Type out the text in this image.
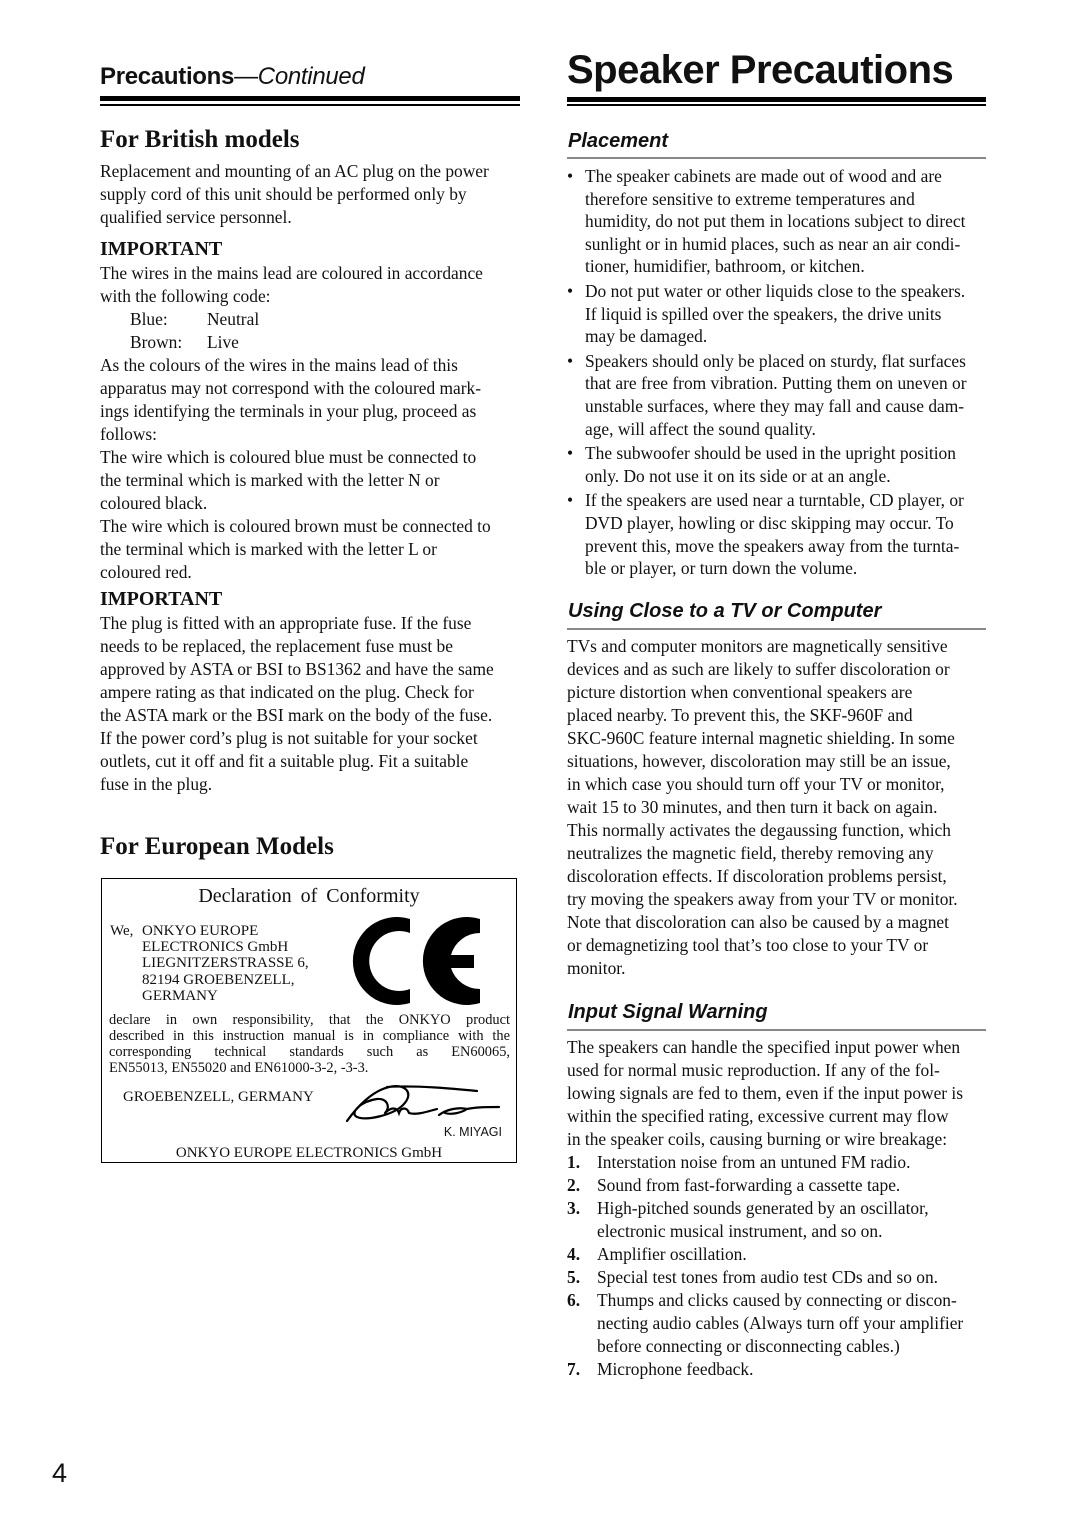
Precautions—Continued	Speaker Precautions
For British models
Replacement and mounting of an AC plug on the power
supply cord of this unit should be performed only by
qualified service personnel.
IMPORTANT
The wires in the mains lead are coloured in accordance
with the following code:
Blue:	Neutral
Brown:	Live
As the colours of the wires in the mains lead of this
apparatus may not correspond with the coloured mark-
ings identifying the terminals in your plug, proceed as
follows:
The wire which is coloured blue must be connected to
the terminal which is marked with the letter N or
coloured black.
The wire which is coloured brown must be connected to
the terminal which is marked with the letter L or
coloured red.
IMPORTANT
The plug is fitted with an appropriate fuse. If the fuse
needs to be replaced, the replacement fuse must be
approved by ASTA or BSI to BS1362 and have the same
ampere rating as that indicated on the plug. Check for
the ASTA mark or the BSI mark on the body of the fuse.
If the power cord’s plug is not suitable for your socket
outlets, cut it off and fit a suitable plug. Fit a suitable
fuse in the plug.
For European Models
Declaration of Conformity
We, ONKYO EUROPE
ELECTRONICS GmbH
LIEGNITZERSTRASSE 6,
82194 GROEBENZELL,
GERMANY
declare in own responsibility, that the ONKYO product
described in this instruction manual is in compliance with the
corresponding technical standards such as EN60065,
EN55013, EN55020 and EN61000-3-2, -3-3.
GROEBENZELL, GERMANY
K. MIYAGI
ONKYO EUROPE ELECTRONICS GmbH
Placement
• The speaker cabinets are made out of wood and are
therefore sensitive to extreme temperatures and
humidity, do not put them in locations subject to direct
sunlight or in humid places, such as near an air condi-
tioner, humidifier, bathroom, or kitchen.
• Do not put water or other liquids close to the speakers.
If liquid is spilled over the speakers, the drive units
may be damaged.
• Speakers should only be placed on sturdy, flat surfaces
that are free from vibration. Putting them on uneven or
unstable surfaces, where they may fall and cause dam-
age, will affect the sound quality.
• The subwoofer should be used in the upright position
only. Do not use it on its side or at an angle.
• If the speakers are used near a turntable, CD player, or
DVD player, howling or disc skipping may occur. To
prevent this, move the speakers away from the turnta-
ble or player, or turn down the volume.
Using Close to a TV or Computer
TVs and computer monitors are magnetically sensitive
devices and as such are likely to suffer discoloration or
picture distortion when conventional speakers are
placed nearby. To prevent this, the SKF-960F and
SKC-960C feature internal magnetic shielding. In some
situations, however, discoloration may still be an issue,
in which case you should turn off your TV or monitor,
wait 15 to 30 minutes, and then turn it back on again.
This normally activates the degaussing function, which
neutralizes the magnetic field, thereby removing any
discoloration effects. If discoloration problems persist,
try moving the speakers away from your TV or monitor.
Note that discoloration can also be caused by a magnet
or demagnetizing tool that’s too close to your TV or
monitor.
Input Signal Warning
The speakers can handle the specified input power when
used for normal music reproduction. If any of the fol-
lowing signals are fed to them, even if the input power is
within the specified rating, excessive current may flow
in the speaker coils, causing burning or wire breakage:
1. Interstation noise from an untuned FM radio.
2. Sound from fast-forwarding a cassette tape.
3. High-pitched sounds generated by an oscillator,
electronic musical instrument, and so on.
4. Amplifier oscillation.
5. Special test tones from audio test CDs and so on.
6. Thumps and clicks caused by connecting or discon-
necting audio cables (Always turn off your amplifier
before connecting or disconnecting cables.)
7. Microphone feedback.
4
